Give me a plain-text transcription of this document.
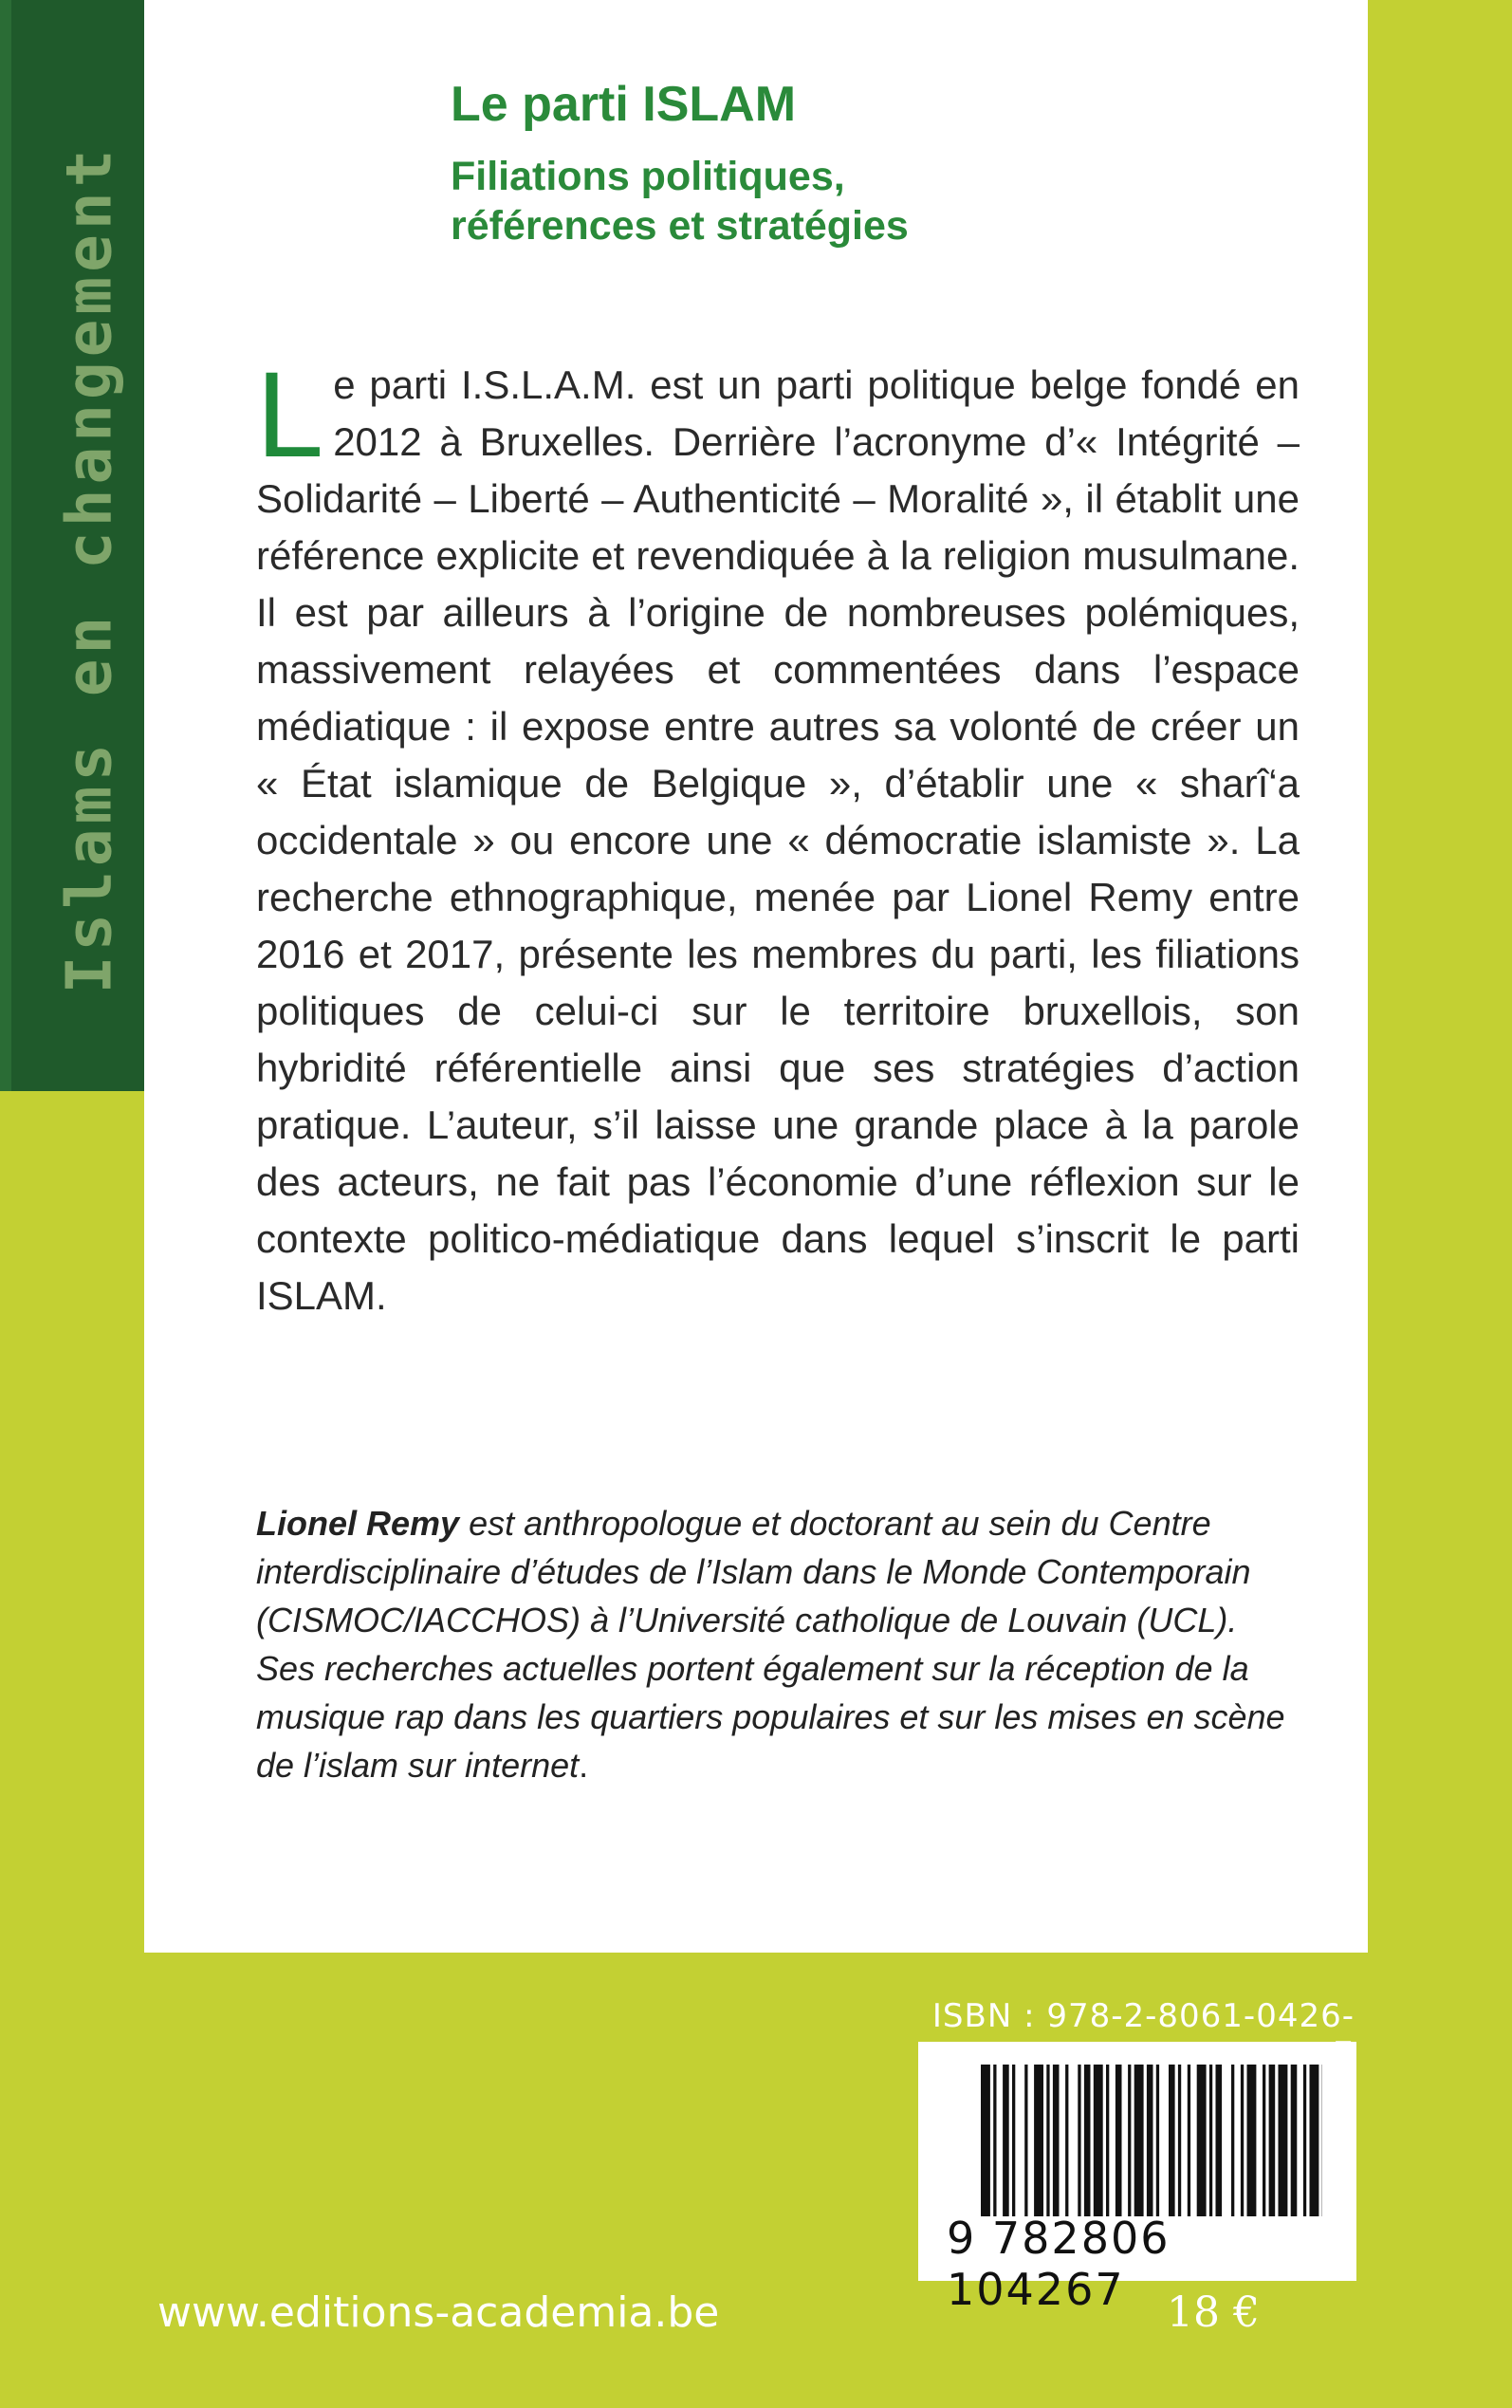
Islams en changement
Le parti ISLAM
Filiations politiques,
références et stratégies
Le parti I.S.L.A.M. est un parti politique belge fondé en 2012 à Bruxelles. Derrière l’acronyme d’« Intégrité – Solidarité – Liberté – Authenticité – Moralité », il établit une référence explicite et revendiquée à la religion musulmane. Il est par ailleurs à l’origine de nombreuses polémiques, massivement relayées et commentées dans l’espace médiatique : il expose entre autres sa volonté de créer un « État islamique de Belgique », d’établir une « sharî‘a occidentale » ou encore une « démocratie islamiste ». La recherche ethnographique, menée par Lionel Remy entre 2016 et 2017, présente les membres du parti, les filiations politiques de celui-ci sur le territoire bruxellois, son hybridité référentielle ainsi que ses stratégies d’action pratique. L’auteur, s’il laisse une grande place à la parole des acteurs, ne fait pas l’économie d’une réflexion sur le contexte politico-médiatique dans lequel s’inscrit le parti ISLAM.
Lionel Remy est anthropologue et doctorant au sein du Centre interdisciplinaire d’études de l’Islam dans le Monde Contemporain (CISMOC/IACCHOS) à l’Université catholique de Louvain (UCL). Ses recherches actuelles portent également sur la réception de la musique rap dans les quartiers populaires et sur les mises en scène de l’islam sur internet.
ISBN : 978-2-8061-0426-
9 782806 104267
www.editions-academia.be	18 €
